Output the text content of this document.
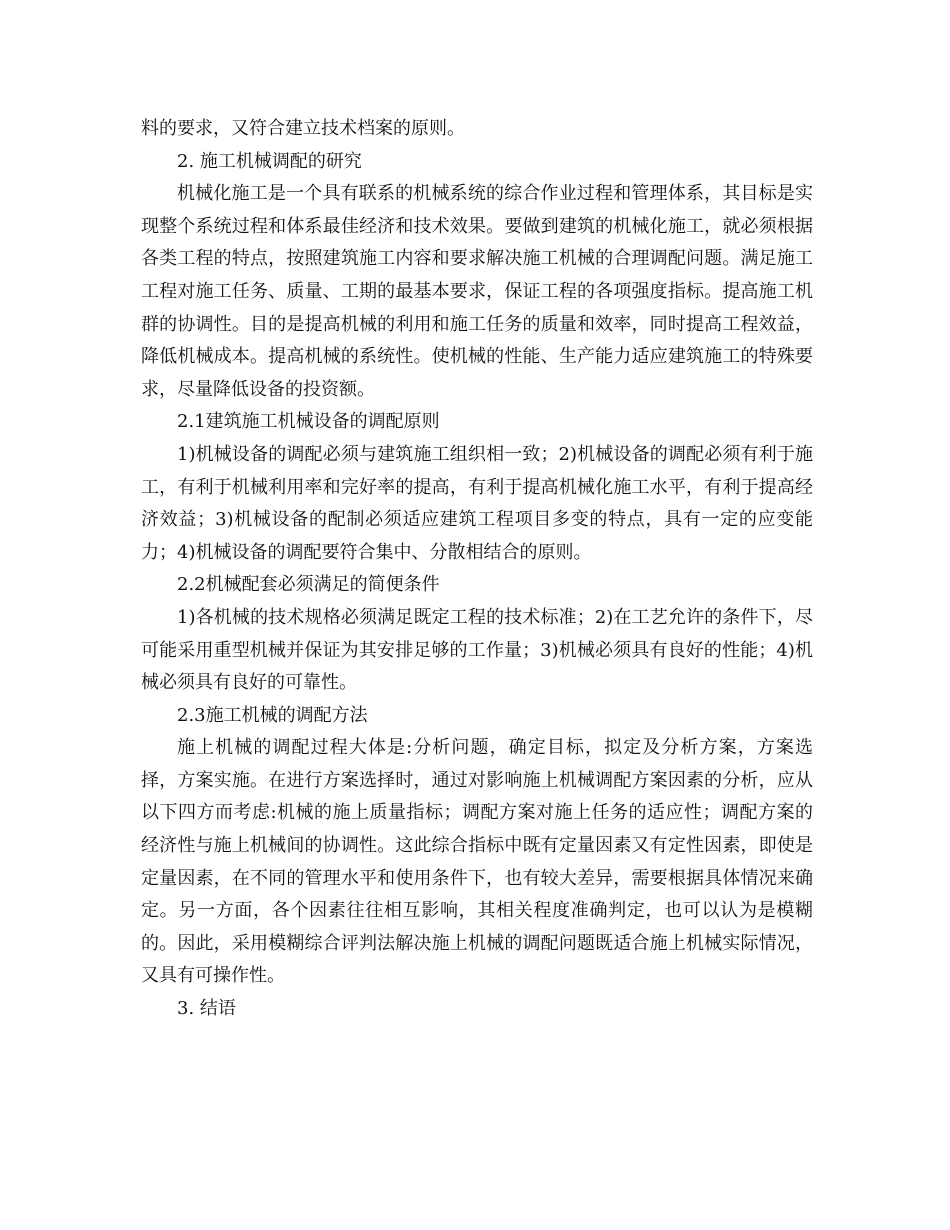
料的要求，又符合建立技术档案的原则。

2. 施工机械调配的研究

机械化施工是一个具有联系的机械系统的综合作业过程和管理体系，其目标是实现整个系统过程和体系最佳经济和技术效果。要做到建筑的机械化施工，就必须根据各类工程的特点，按照建筑施工内容和要求解决施工机械的合理调配问题。满足施工工程对施工任务、质量、工期的最基本要求，保证工程的各项强度指标。提高施工机群的协调性。目的是提高机械的利用和施工任务的质量和效率，同时提高工程效益，降低机械成本。提高机械的系统性。使机械的性能、生产能力适应建筑施工的特殊要求，尽量降低设备的投资额。

2.1建筑施工机械设备的调配原则

1)机械设备的调配必须与建筑施工组织相一致；2)机械设备的调配必须有利于施工，有利于机械利用率和完好率的提高，有利于提高机械化施工水平，有利于提高经济效益；3)机械设备的配制必须适应建筑工程项目多变的特点，具有一定的应变能力；4)机械设备的调配要符合集中、分散相结合的原则。

2.2机械配套必须满足的简便条件

1)各机械的技术规格必须满足既定工程的技术标准；2)在工艺允许的条件下，尽可能采用重型机械并保证为其安排足够的工作量；3)机械必须具有良好的性能；4)机械必须具有良好的可靠性。

2.3施工机械的调配方法

施上机械的调配过程大体是:分析问题，确定目标，拟定及分析方案，方案选择，方案实施。在进行方案选择时，通过对影响施上机械调配方案因素的分析，应从以下四方而考虑:机械的施上质量指标；调配方案对施上任务的适应性；调配方案的经济性与施上机械间的协调性。这此综合指标中既有定量因素又有定性因素，即使是定量因素，在不同的管理水平和使用条件下，也有较大差异，需要根据具体情况来确定。另一方面，各个因素往往相互影响，其相关程度准确判定，也可以认为是模糊的。因此，采用模糊综合评判法解决施上机械的调配问题既适合施上机械实际情况，又具有可操作性。

3. 结语
